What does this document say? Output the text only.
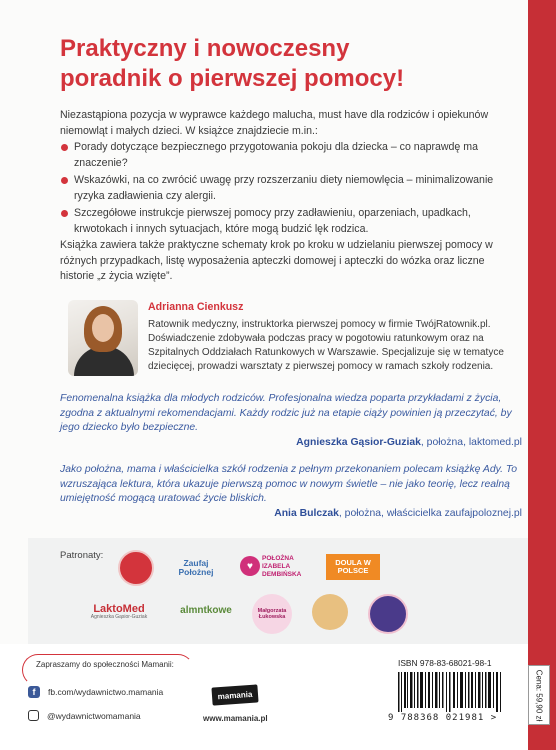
Praktyczny i nowoczesny
poradnik o pierwszej pomocy!

Niezastąpiona pozycja w wyprawce każdego malucha, must have dla rodziców i opiekunów niemowląt i małych dzieci. W książce znajdziecie m.in.:

Porady dotyczące bezpiecznego przygotowania pokoju dla dziecka – co naprawdę ma znaczenie?
Wskazówki, na co zwrócić uwagę przy rozszerzaniu diety niemowlęcia – minimalizowanie ryzyka zadławienia czy alergii.
Szczegółowe instrukcje pierwszej pomocy przy zadławieniu, oparzeniach, upadkach, krwotokach i innych sytuacjach, które mogą budzić lęk rodzica.

Książka zawiera także praktyczne schematy krok po kroku w udzielaniu pierwszej pomocy w różnych przypadkach, listę wyposażenia apteczki domowej i apteczki do wózka oraz liczne historie „z życia wzięte”.

Adrianna Cienkusz

Ratownik medyczny, instruktorka pierwszej pomocy w firmie TwójRatownik.pl. Doświadczenie zdobywała podczas pracy w pogotowiu ratunkowym oraz na Szpitalnych Oddziałach Ratunkowych w Warszawie. Specjalizuje się w tematyce dziecięcej, prowadzi warsztaty z pierwszej pomocy w ramach szkoły rodzenia.

Fenomenalna książka dla młodych rodziców. Profesjonalna wiedza poparta przykładami z życia, zgodna z aktualnymi rekomendacjami. Każdy rodzic już na etapie ciąży powinien ją przeczytać, by jego dziecko było bezpieczne.

Agnieszka Gąsior-Guziak, położna, laktomed.pl

Jako położna, mama i właścicielka szkół rodzenia z pełnym przekonaniem polecam książkę Ady. To wzruszająca lektura, która ukazuje pierwszą pomoc w nowym świetle – nie jako teorię, lecz realną umiejętność mogącą uratować życie bliskich.

Ania Bulczak, położna, właścicielka zaufajpoloznej.pl

Patronaty:

Zaufaj Położnej
♥
POŁOŻNA IZABELA DEMBIŃSKA
DOULA W POLSCE
LaktoMed
Agnieszka Gąsior-Guziak
almntkowe	Małgorzata Łukowska

Zapraszamy do społeczności Mamanii:

f	fb.com/wydawnictwo.mamania
@wydawnictwomamania
mamania
www.mamania.pl
ISBN 978-83-68021-98-1
9 788368 021981 >	Cena: 59,90 zł
